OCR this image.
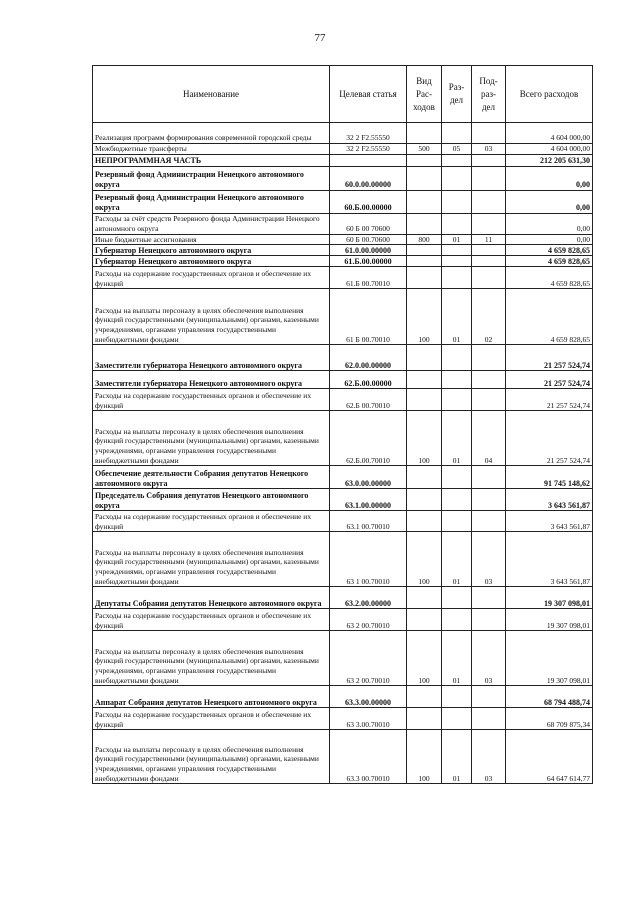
77
Наименование	Целевая статья	Вид Рас- ходов	Раз- дел	Под- раз- дел	Всего расходов
Реализация программ формирования современной городской среды	32 2 F2.55550				4 604 000,00
Межбюджетные трансферты	32 2 F2.55550	500	05	03	4 604 000,00
НЕПРОГРАММНАЯ ЧАСТЬ					212 205 631,30
Резервный фонд Администрации Ненецкого автономного округа	60.0.00.00000				0,00
Резервный фонд Администрации Ненецкого автономного округа	60.Б.00.00000				0,00
Расходы за счёт средств Резервного фонда Администрации Ненецкого автономного округа	60 Б 00 70600				0,00
Иные бюджетные ассигнования	60 Б 00.70600	800	01	11	0,00
Губернатор Ненецкого автономного округа	61.0.00.00000				4 659 828,65
Губернатор Ненецкого автономного округа	61.Б.00.00000				4 659 828,65
Расходы на содержание государственных органов и обеспечение их функций	61.Б 00.70010				4 659 828,65
Расходы на выплаты персоналу в целях обеспечения выполнения функций государственными (муниципальными) органами, казенными учреждениями, органами управления государственными внебюджетными фондами	61 Б 00.70010	100	01	02	4 659 828,65
Заместители губернатора Ненецкого автономного округа	62.0.00.00000				21 257 524,74
Заместители губернатора Ненецкого автономного округа	62.Б.00.00000				21 257 524,74
Расходы на содержание государственных органов и обеспечение их функций	62.Б 00.70010				21 257 524,74
Расходы на выплаты персоналу в целях обеспечения выполнения функций государственными (муниципальными) органами, казенными учреждениями, органами управления государственными внебюджетными фондами	62.Б.00.70010	100	01	04	21 257 524,74
Обеспечение деятельности Собрания депутатов Ненецкого автономного округа	63.0.00.00000				91 745 148,62
Председатель Собрания депутатов Ненецкого автономного округа	63.1.00.00000				3 643 561,87
Расходы на содержание государственных органов и обеспечение их функций	63.1 00.70010				3 643 561,87
Расходы на выплаты персоналу в целях обеспечения выполнения функций государственными (муниципальными) органами, казенными учреждениями, органами управления государственными внебюджетными фондами	63 1 00.70010	100	01	03	3 643 561,87
Депутаты Собрания депутатов Ненецкого автономного округа	63.2.00.00000				19 307 098,01
Расходы на содержание государственных органов и обеспечение их функций	63 2 00.70010				19 307 098,01
Расходы на выплаты персоналу в целях обеспечения выполнения функций государственными (муниципальными) органами, казенными учреждениями, органами управления государственными внебюджетными фондами	63 2 00.70010	100	01	03	19 307 098,01
Аппарат Собрания депутатов Ненецкого автономного округа	63.3.00.00000				68 794 488,74
Расходы на содержание государственных органов и обеспечение их функций	63 3.00.70010				68 709 875,34
Расходы на выплаты персоналу в целях обеспечения выполнения функций государственными (муниципальными) органами, казенными учреждениями, органами управления государственными внебюджетными фондами	63.3 00.70010	100	01	03	64 647 614,77
